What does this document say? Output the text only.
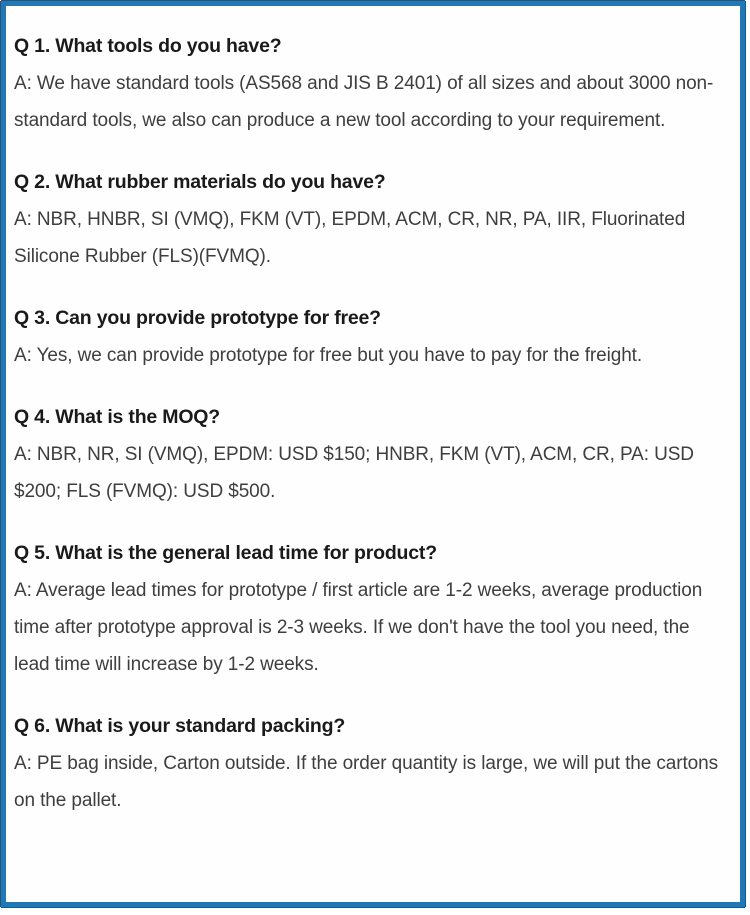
Q 1. What tools do you have?

A: We have standard tools (AS568 and JIS B 2401) of all sizes and about 3000 non-standard tools, we also can produce a new tool according to your requirement.

Q 2. What rubber materials do you have?

A: NBR, HNBR, SI (VMQ), FKM (VT), EPDM, ACM, CR, NR, PA, IIR, Fluorinated Silicone Rubber (FLS)(FVMQ).

Q 3. Can you provide prototype for free?

A: Yes, we can provide prototype for free but you have to pay for the freight.

Q 4. What is the MOQ?

A: NBR, NR, SI (VMQ), EPDM: USD $150; HNBR, FKM (VT), ACM, CR, PA: USD $200; FLS (FVMQ): USD $500.

Q 5. What is the general lead time for product?

A: Average lead times for prototype / first article are 1-2 weeks, average production time after prototype approval is 2-3 weeks. If we don't have the tool you need, the lead time will increase by 1-2 weeks.

Q 6. What is your standard packing?

A: PE bag inside, Carton outside. If the order quantity is large, we will put the cartons on the pallet.
